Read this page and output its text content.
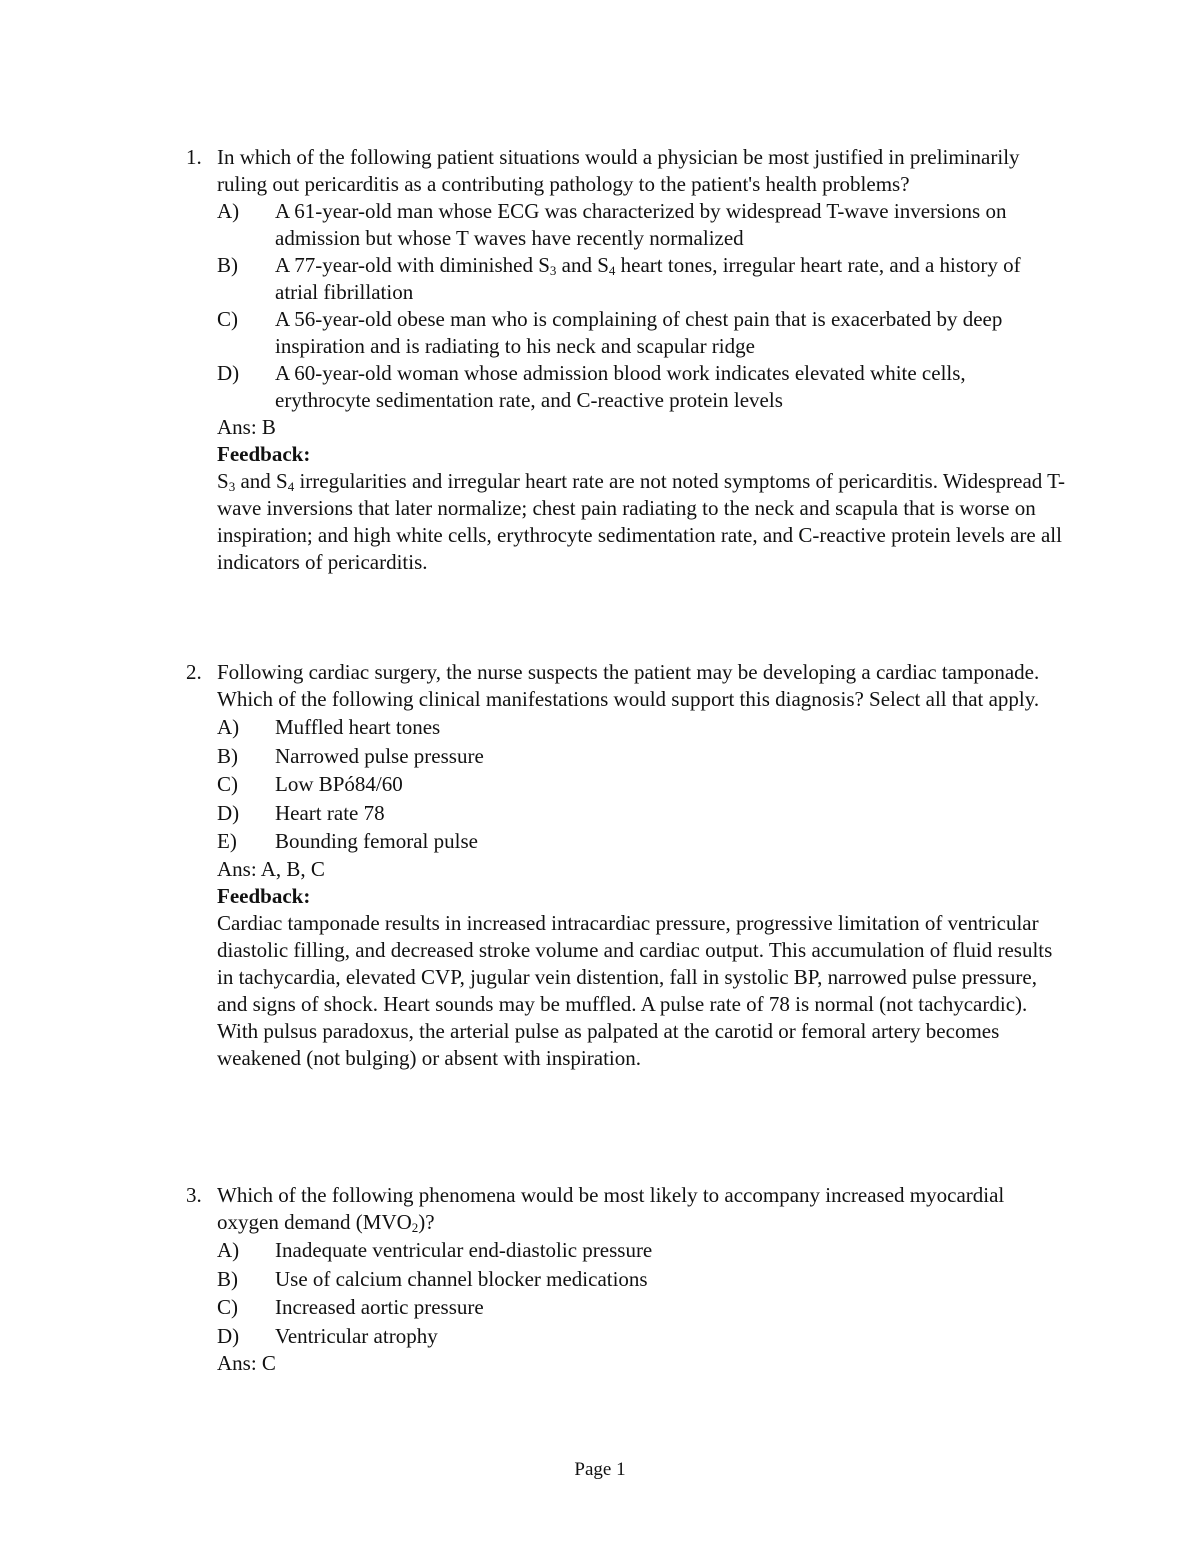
1. In which of the following patient situations would a physician be most justified in preliminarily ruling out pericarditis as a contributing pathology to the patient's health problems?
A) A 61-year-old man whose ECG was characterized by widespread T-wave inversions on admission but whose T waves have recently normalized
B) A 77-year-old with diminished $S_3$ and $S_4$ heart tones, irregular heart rate, and a history of atrial fibrillation
C) A 56-year-old obese man who is complaining of chest pain that is exacerbated by deep inspiration and is radiating to his neck and scapular ridge
D) A 60-year-old woman whose admission blood work indicates elevated white cells, erythrocyte sedimentation rate, and C-reactive protein levels
Ans: B
Feedback:
$S_3$ and $S_4$ irregularities and irregular heart rate are not noted symptoms of pericarditis. Widespread T-wave inversions that later normalize; chest pain radiating to the neck and scapula that is worse on inspiration; and high white cells, erythrocyte sedimentation rate, and C-reactive protein levels are all indicators of pericarditis.
2. Following cardiac surgery, the nurse suspects the patient may be developing a cardiac tamponade. Which of the following clinical manifestations would support this diagnosis? Select all that apply.
A) Muffled heart tones
B) Narrowed pulse pressure
C) Low BPó84/60
D) Heart rate 78
E) Bounding femoral pulse
Ans: A, B, C
Feedback:
Cardiac tamponade results in increased intracardiac pressure, progressive limitation of ventricular diastolic filling, and decreased stroke volume and cardiac output. This accumulation of fluid results in tachycardia, elevated CVP, jugular vein distention, fall in systolic BP, narrowed pulse pressure, and signs of shock. Heart sounds may be muffled. A pulse rate of 78 is normal (not tachycardic). With pulsus paradoxus, the arterial pulse as palpated at the carotid or femoral artery becomes weakened (not bulging) or absent with inspiration.
3. Which of the following phenomena would be most likely to accompany increased myocardial oxygen demand $(MVO_2)$?
A) Inadequate ventricular end-diastolic pressure
B) Use of calcium channel blocker medications
C) Increased aortic pressure
D) Ventricular atrophy
Ans: C
Page 1
